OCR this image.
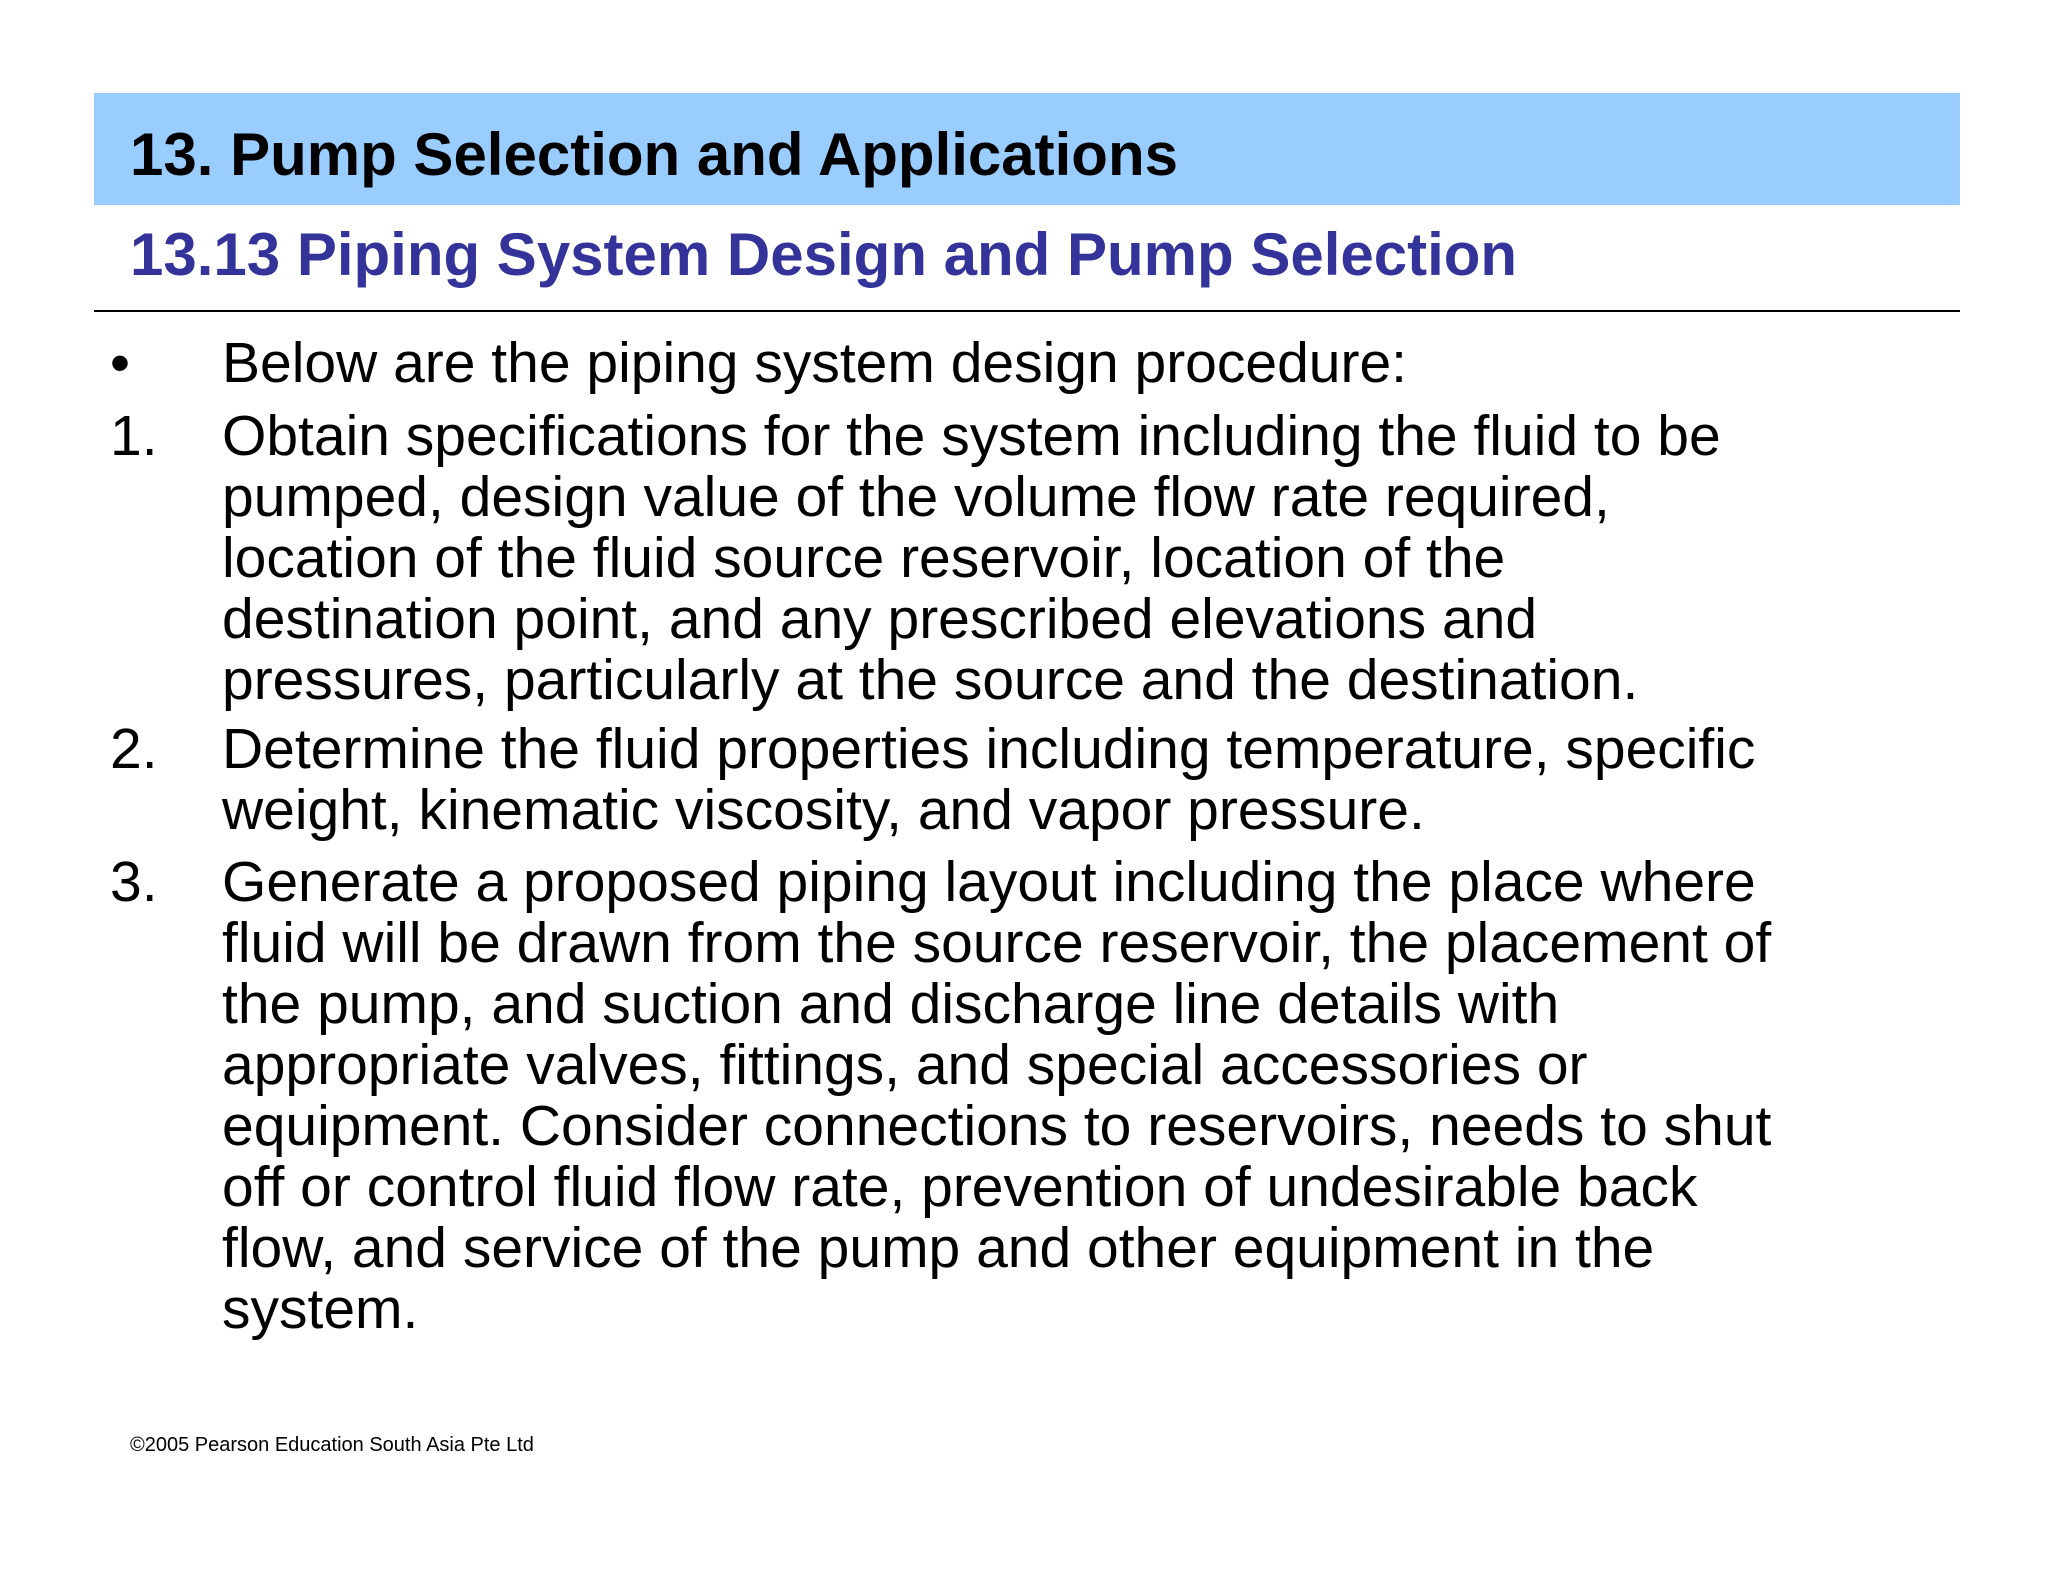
13. Pump Selection and Applications
13.13 Piping System Design and Pump Selection
• Below are the piping system design procedure:
1. Obtain specifications for the system including the fluid to be
pumped, design value of the volume flow rate required,
location of the fluid source reservoir, location of the
destination point, and any prescribed elevations and
pressures, particularly at the source and the destination.
2. Determine the fluid properties including temperature, specific
weight, kinematic viscosity, and vapor pressure.
3. Generate a proposed piping layout including the place where
fluid will be drawn from the source reservoir, the placement of
the pump, and suction and discharge line details with
appropriate valves, fittings, and special accessories or
equipment. Consider connections to reservoirs, needs to shut
off or control fluid flow rate, prevention of undesirable back
flow, and service of the pump and other equipment in the
system.
©2005 Pearson Education South Asia Pte Ltd
